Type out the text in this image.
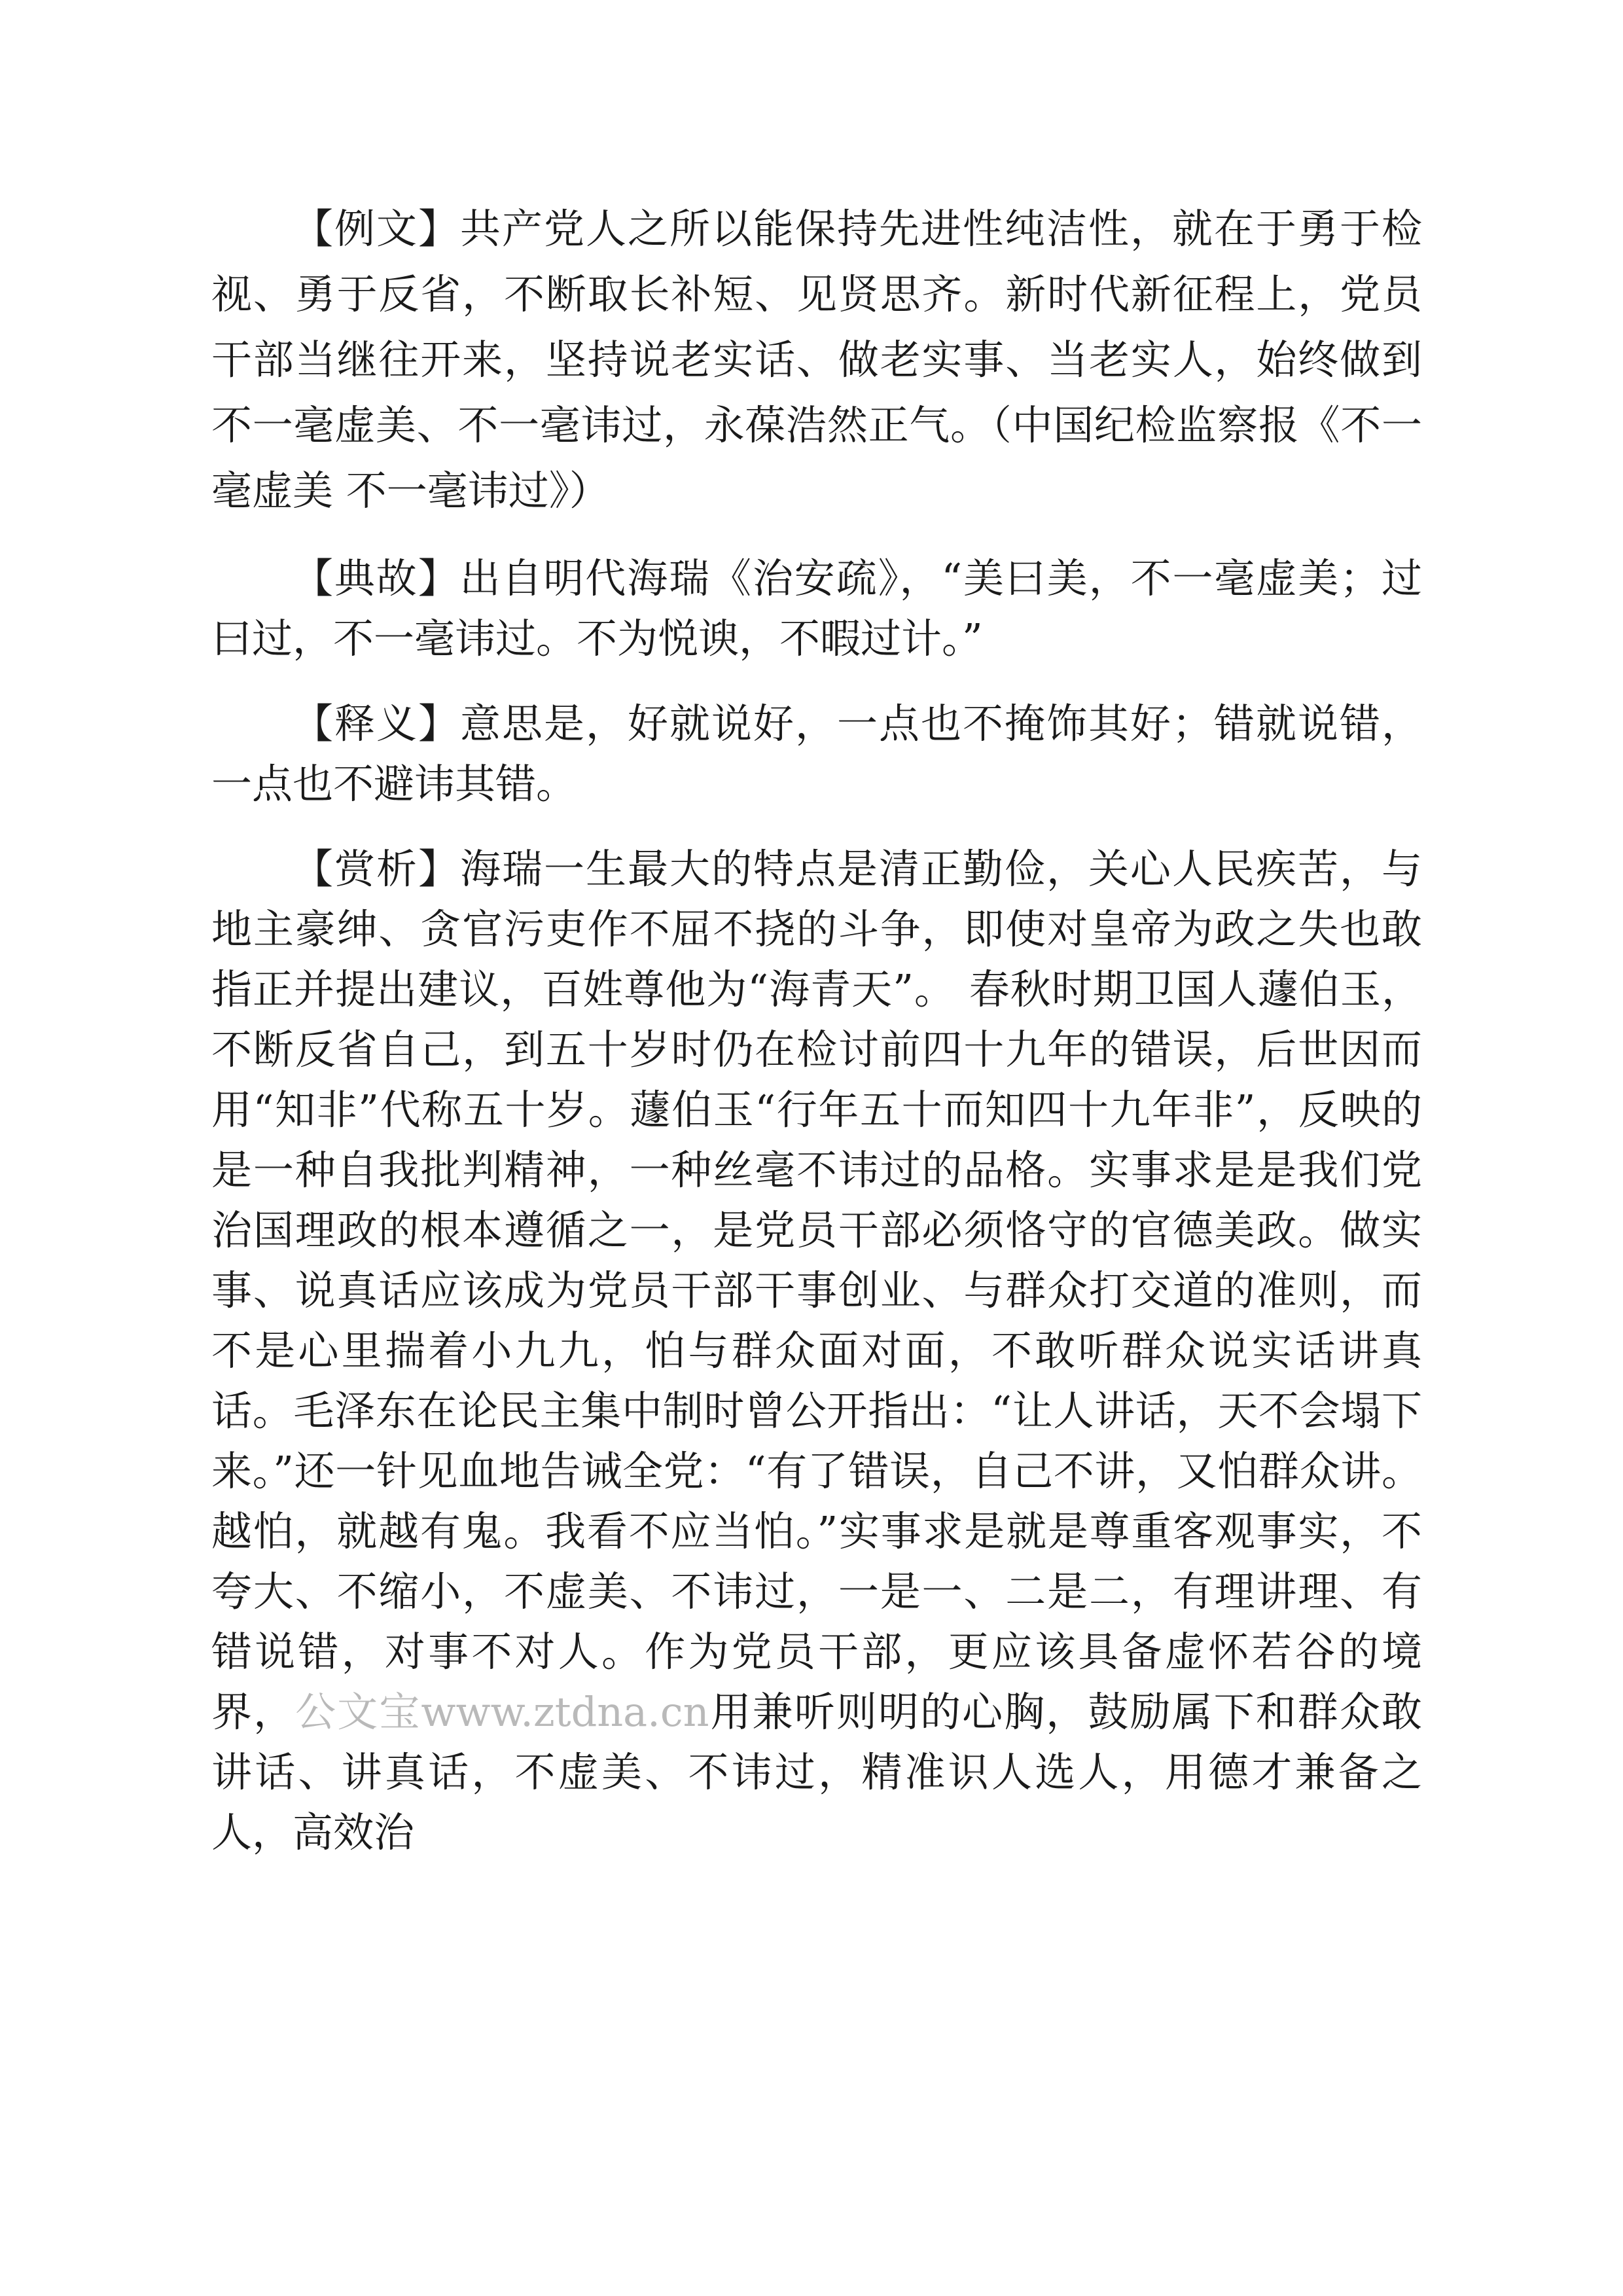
【例文】共产党人之所以能保持先进性纯洁性，就在于勇于检视、勇于反省，不断取长补短、见贤思齐。新时代新征程上，党员干部当继往开来，坚持说老实话、做老实事、当老实人，始终做到不一毫虚美、不一毫讳过，永葆浩然正气。（中国纪检监察报《不一毫虚美 不一毫讳过》）

【典故】出自明代海瑞《治安疏》，“美曰美，不一毫虚美；过曰过，不一毫讳过。不为悦谀，不暇过计。”

【释义】意思是，好就说好，一点也不掩饰其好；错就说错，一点也不避讳其错。

【赏析】海瑞一生最大的特点是清正勤俭，关心人民疾苦，与地主豪绅、贪官污吏作不屈不挠的斗争，即使对皇帝为政之失也敢指正并提出建议，百姓尊他为“海青天”。 春秋时期卫国人蘧伯玉，不断反省自己，到五十岁时仍在检讨前四十九年的错误，后世因而用“知非”代称五十岁。蘧伯玉“行年五十而知四十九年非”，反映的是一种自我批判精神，一种丝毫不讳过的品格。实事求是是我们党治国理政的根本遵循之一，是党员干部必须恪守的官德美政。做实事、说真话应该成为党员干部干事创业、与群众打交道的准则，而不是心里揣着小九九，怕与群众面对面，不敢听群众说实话讲真话。毛泽东在论民主集中制时曾公开指出：“让人讲话，天不会塌下来。”还一针见血地告诫全党：“有了错误，自己不讲，又怕群众讲。越怕，就越有鬼。我看不应当怕。”实事求是就是尊重客观事实，不夸大、不缩小，不虚美、不讳过，一是一、二是二，有理讲理、有错说错，对事不对人。作为党员干部，更应该具备虚怀若谷的境界，公文宝www.ztdna.cn用兼听则明的心胸，鼓励属下和群众敢讲话、讲真话，不虚美、不讳过，精准识人选人，用德才兼备之人，高效治
